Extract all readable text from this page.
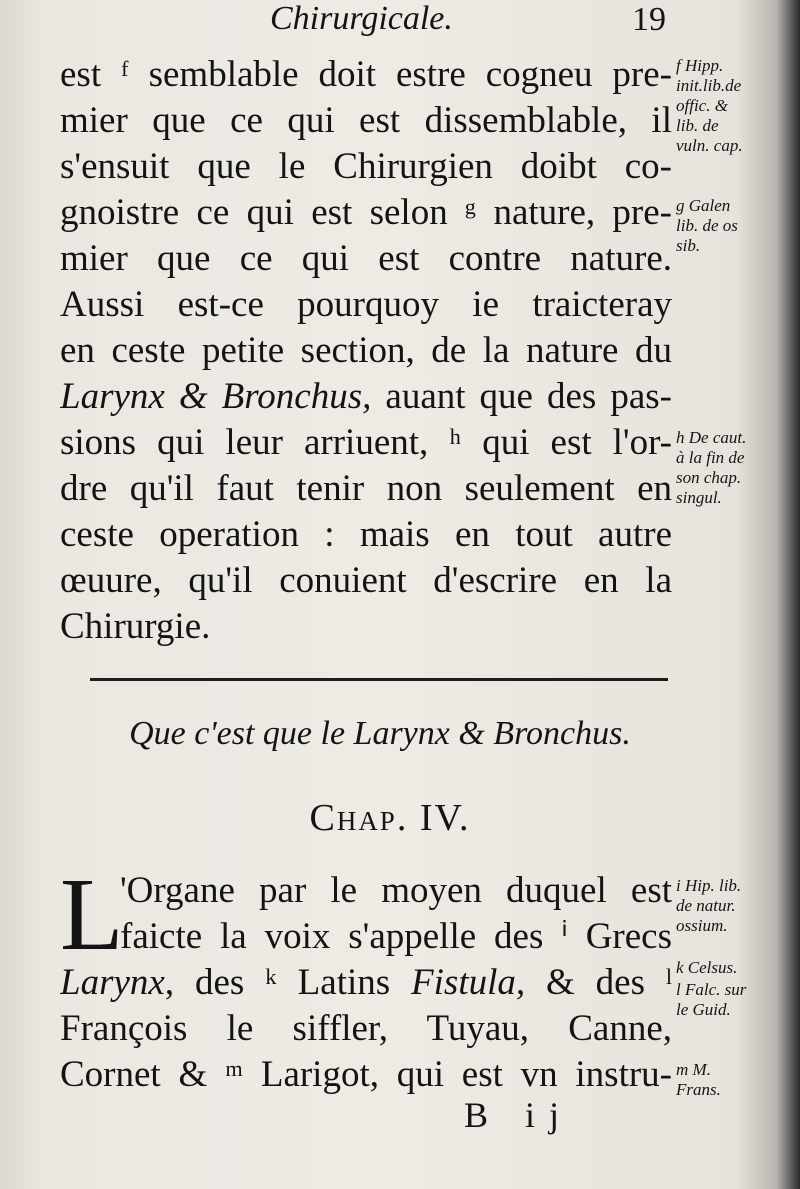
Chirurgicale.	19
est ᶠ semblable doit estre cogneu pre-
mier que ce qui est dissemblable, il
s'ensuit que le Chirurgien doibt co-
gnoistre ce qui est selon ᵍ nature, pre-
mier que ce qui est contre nature.
Aussi est-ce pourquoy ie traicteray
en ceste petite section, de la nature du
Larynx & Bronchus, auant que des pas-
sions qui leur arriuent, ʰ qui est l'or-
dre qu'il faut tenir non seulement en
ceste operation : mais en tout autre
œuure, qu'il conuient d'escrire en la
Chirurgie.
Que c'est que le Larynx & Bronchus.
Chap. IV.
L
'Organe par le moyen duquel est
faicte la voix s'appelle des ⁱ Grecs
Larynx, des ᵏ Latins Fistula, & des ˡ
François le siffler, Tuyau, Canne,
Cornet & ᵐ Larigot, qui est vn instru-
B ij
f Hipp.
init.lib.de
offic. &
lib. de
vuln. cap.
g Galen
lib. de os
sib.
h De caut.
à la fin de
son chap.
singul.
i Hip. lib.
de natur.
ossium.
k Celsus.
l Falc. sur
le Guid.
m M.
Frans.
